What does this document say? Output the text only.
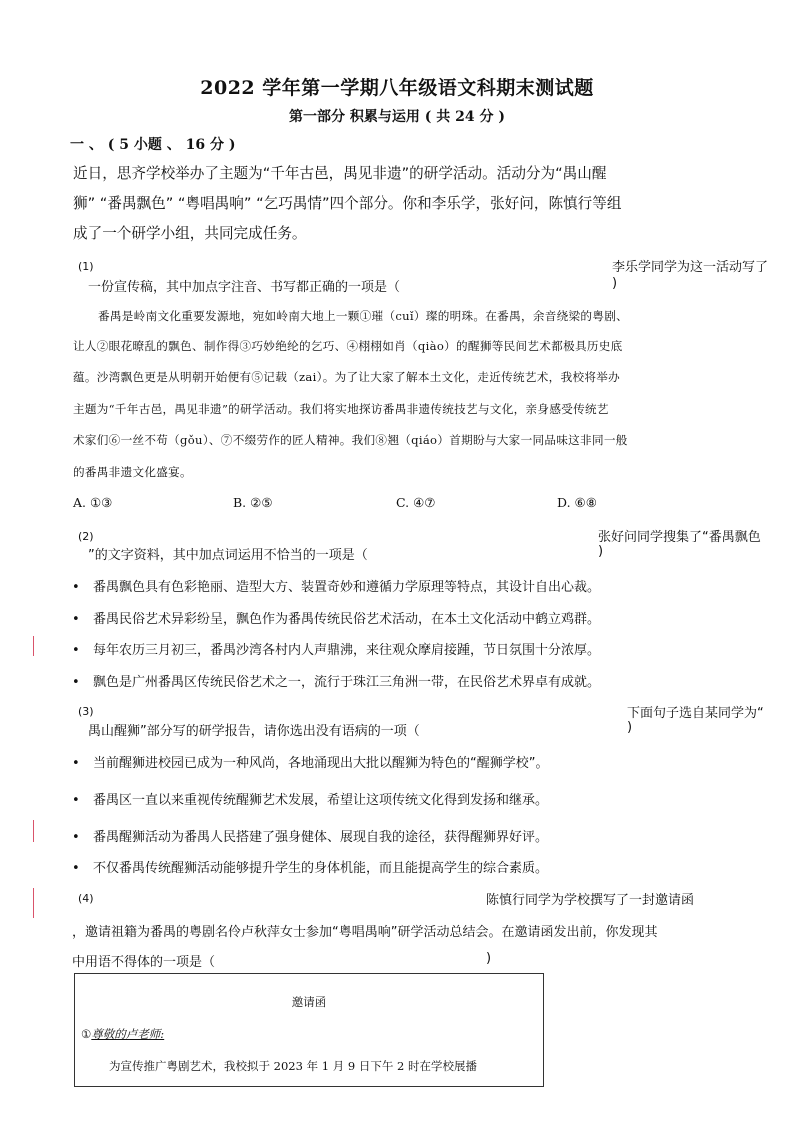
2022 学年第一学期八年级语文科期末测试题
第一部分 积累与运用 ( 共 24 分 )
一 、 ( 5 小题 、 16 分 )
近日，思齐学校举办了主题为“千年古邑，禺见非遗”的研学活动。活动分为“禺山醒
狮” “番禺飘色” “粤唱禺响” “乞巧禺情”四个部分。你和李乐学，张好问，陈慎行等组
成了一个研学小组，共同完成任务。
(1)	李乐学同学为这一活动写了
一份宣传稿，其中加点字注音、书写都正确的一项是（	)
番禺是岭南文化重要发源地，宛如岭南大地上一颗①璀（cuǐ）璨的明珠。在番禺，余音绕梁的粤剧、
让人②眼花暸乱的飘色、制作得③巧妙绝纶的乞巧、④栩栩如肖（qiào）的醒狮等民间艺术都极具历史底
蕴。沙湾飘色更是从明朝开始便有⑤记载（zai）。为了让大家了解本土文化，走近传统艺术，我校将举办
主题为“千年古邑，禺见非遗”的研学活动。我们将实地探访番禺非遗传统技艺与文化，亲身感受传统艺
术家们⑥一丝不苟（gǒu）、⑦不缀劳作的匠人精神。我们⑧翘（qiáo）首期盼与大家一同品味这非同一般
的番禺非遗文化盛宴。
A. ①③	B. ②⑤	C. ④⑦	D. ⑥⑧
(2)	张好问同学搜集了“番禺飘色
”的文字资料，其中加点词运用不恰当的一项是（	)
• 番禺飘色具有色彩艳丽、造型大方、装置奇妙和遵循力学原理等特点，其设计自出心裁。
• 番禺民俗艺术异彩纷呈，飘色作为番禺传统民俗艺术活动，在本土文化活动中鹤立鸡群。
• 每年农历三月初三，番禺沙湾各村内人声鼎沸，来往观众摩肩接踵，节日氛围十分浓厚。
• 飘色是广州番禺区传统民俗艺术之一，流行于珠江三角洲一带，在民俗艺术界卓有成就。
(3)	下面句子选自某同学为“
禺山醒狮”部分写的研学报告，请你选出没有语病的一项（	)
• 当前醒狮进校园已成为一种风尚，各地涌现出大批以醒狮为特色的“醒狮学校”。
• 番禺区一直以来重视传统醒狮艺术发展，希望让这项传统文化得到发扬和继承。
• 番禺醒狮活动为番禺人民搭建了强身健体、展现自我的途径，获得醒狮界好评。
• 不仅番禺传统醒狮活动能够提升学生的身体机能，而且能提高学生的综合素质。
(4)	陈慎行同学为学校撰写了一封邀请函
，邀请祖籍为番禺的粤剧名伶卢秋萍女士参加“粤唱禺响”研学活动总结会。在邀请函发出前，你发现其
中用语不得体的一项是（	)
邀请函
①尊敬的卢老师:
为宣传推广粤剧艺术，我校拟于 2023 年 1 月 9 日下午 2 时在学校展播
